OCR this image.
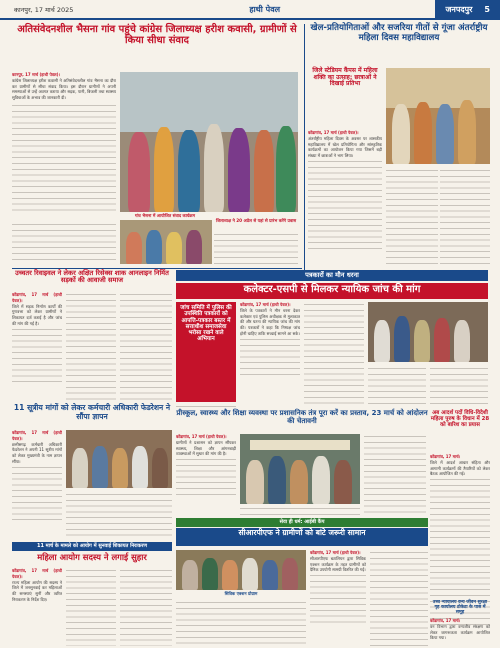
कानपुर, 17 मार्च 2025	हाथी पेवल	जनपदपुर 5
अतिसंवेदनशील भैसना गांव पहुंचे कांग्रेस जिलाध्यक्ष हरीश कवासी, ग्रामीणों से किया सीधा संवाद
कानपुर, 17 मार्च (हाथी पेवल)।
कांग्रेस जिलाध्यक्ष हरीश कवासी ने अतिसंवेदनशील गांव भैसना का दौरा कर ग्रामीणों से सीधा संवाद किया। इस दौरान ग्रामीणों ने अपनी समस्याओं से उन्हें अवगत कराया और सड़क, पानी, बिजली तथा स्वास्थ्य सुविधाओं के अभाव की जानकारी दी।
गांव भैसना में आयोजित संवाद कार्यक्रम
जिलाध्यक्ष ने 20 अप्रेल से यहां से प्रारंभ करेंगे प्रवास
खेल-प्रतियोगिताओं और सजरिया गीतों से गूंजा अंतर्राष्ट्रीय महिला दिवस महाविद्यालय
जिले स्टेडियम कैंपस में महिला शक्ति का उत्साह: छात्राओं ने दिखाई प्रतिभा
कोंडागांव, 17 मार्च (हाथी पेवल)।
अंतर्राष्ट्रीय महिला दिवस के अवसर पर शासकीय महाविद्यालय में खेल प्रतियोगिता और सांस्कृतिक कार्यक्रमों का आयोजन किया गया जिसमें बड़ी संख्या में छात्राओं ने भाग लिया।
उच्चतर रिवाइवल ने लेकर अक्षित रिसेक्स शाक आनलाइन निर्मित सड़कों की आवाजी समाज
कोंडागांव, 17 मार्च (हाथी पेवल)।
जिले में सड़क निर्माण कार्यों की गुणवत्ता को लेकर ग्रामीणों ने शिकायत दर्ज कराई है और जांच की मांग की गई है।
11 सूत्रीय मांगों को लेकर कर्मचारी अधिकारी फेडरेशन ने सौंपा ज्ञापन
कोंडागांव, 17 मार्च (हाथी पेवल)।
छत्तीसगढ़ कर्मचारी अधिकारी फेडरेशन ने अपनी 11 सूत्रीय मांगों को लेकर मुख्यमंत्री के नाम ज्ञापन सौंपा।
11 मार्च के मामले को आयोग में सुनवाई शिकायत निराकरण
महिला आयोग सदस्य ने लगाई सुहार
कोंडागांव, 17 मार्च (हाथी पेवल)।
राज्य महिला आयोग की सदस्य ने जिले में जनसुनवाई कर महिलाओं की समस्याएं सुनीं और त्वरित निराकरण के निर्देश दिए।
पत्रकारों का मौन धरना
कलेक्टर-एसपी से मिलकर न्यायिक जांच की मांग
जांच समिति में पुलिस की उपस्थिति पत्रकारों को आपत्ति-पत्रकार बस्तर में सत्ताधीश समाजसेवा भरोसा रखने वाले अभियान
कोंडागांव, 17 मार्च (हाथी पेवल)।
जिले के पत्रकारों ने मौन धरना देकर कलेक्टर एवं पुलिस अधीक्षक से मुलाकात की और घटना की न्यायिक जांच की मांग की। पत्रकारों ने कहा कि निष्पक्ष जांच होनी चाहिए ताकि सच्चाई सामने आ सके।
प्रीस्कूल, स्वास्थ्य और शिक्षा व्यवस्था पर प्रशासनिक तंत्र पूरा करें का प्रस्ताव, 23 मार्च को आंदोलन की चेतावनी
कोंडागांव, 17 मार्च (हाथी पेवल)।
ग्रामीणों ने प्रशासन को ज्ञापन सौंपकर स्वास्थ्य, शिक्षा और आंगनबाड़ी व्यवस्थाओं में सुधार की मांग की है।
अब आदर्श पदों विधि-विदेशी महिला पुरुष के विधान में 28 को बारिश का प्रयास
कोंडागांव, 17 मार्च।
जिले में आदर्श आचार संहिता और आगामी कार्यक्रमों की तैयारियों को लेकर बैठक आयोजित की गई।
सेवा ही धर्म: आईबी कैंप
सीआरपीएफ ने ग्रामीणों को बांटे जरूरी सामान
सिविक एक्शन प्रोग्राम
कोंडागांव, 17 मार्च (हाथी पेवल)।
सीआरपीएफ बटालियन द्वारा सिविक एक्शन कार्यक्रम के तहत ग्रामीणों को दैनिक उपयोगी सामग्री वितरित की गई।
उच्च न्यायालय वन्य जीवन सुरक्षा गृह कार्यालय टोकेटा के पास में समूह
कोंडागांव, 17 मार्च।
वन विभाग द्वारा वन्यजीव संरक्षण को लेकर जागरूकता कार्यक्रम आयोजित किया गया।
